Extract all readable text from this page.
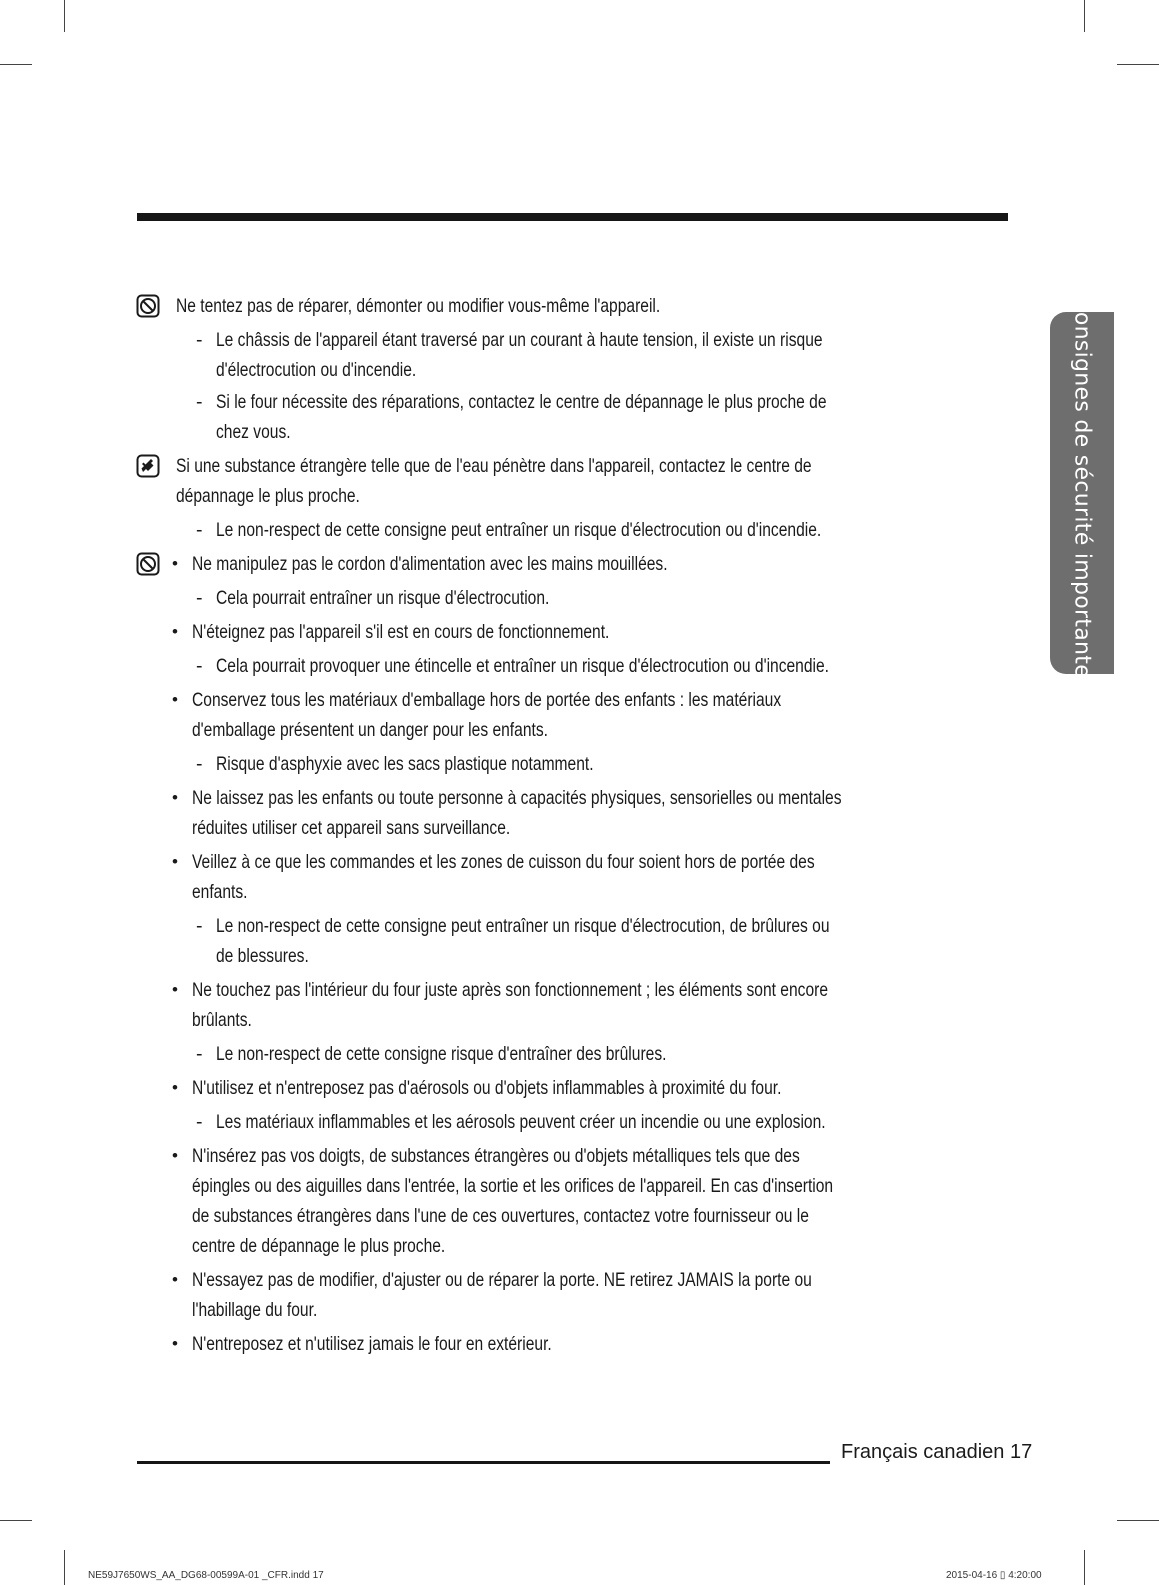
Consignes de sécurité importantes
Ne tentez pas de réparer, démonter ou modifier vous-même l'appareil.
- Le châssis de l'appareil étant traversé par un courant à haute tension, il existe un risque
d'électrocution ou d'incendie.
- Si le four nécessite des réparations, contactez le centre de dépannage le plus proche de
chez vous.
Si une substance étrangère telle que de l'eau pénètre dans l'appareil, contactez le centre de
dépannage le plus proche.
- Le non-respect de cette consigne peut entraîner un risque d'électrocution ou d'incendie.
• Ne manipulez pas le cordon d'alimentation avec les mains mouillées.
- Cela pourrait entraîner un risque d'électrocution.
• N'éteignez pas l'appareil s'il est en cours de fonctionnement.
- Cela pourrait provoquer une étincelle et entraîner un risque d'électrocution ou d'incendie.
• Conservez tous les matériaux d'emballage hors de portée des enfants : les matériaux
d'emballage présentent un danger pour les enfants.
- Risque d'asphyxie avec les sacs plastique notamment.
• Ne laissez pas les enfants ou toute personne à capacités physiques, sensorielles ou mentales
réduites utiliser cet appareil sans surveillance.
• Veillez à ce que les commandes et les zones de cuisson du four soient hors de portée des
enfants.
- Le non-respect de cette consigne peut entraîner un risque d'électrocution, de brûlures ou
de blessures.
• Ne touchez pas l'intérieur du four juste après son fonctionnement ; les éléments sont encore
brûlants.
- Le non-respect de cette consigne risque d'entraîner des brûlures.
• N'utilisez et n'entreposez pas d'aérosols ou d'objets inflammables à proximité du four.
- Les matériaux inflammables et les aérosols peuvent créer un incendie ou une explosion.
• N'insérez pas vos doigts, de substances étrangères ou d'objets métalliques tels que des
épingles ou des aiguilles dans l'entrée, la sortie et les orifices de l'appareil. En cas d'insertion
de substances étrangères dans l'une de ces ouvertures, contactez votre fournisseur ou le
centre de dépannage le plus proche.
• N'essayez pas de modifier, d'ajuster ou de réparer la porte. NE retirez JAMAIS la porte ou
l'habillage du four.
• N'entreposez et n'utilisez jamais le four en extérieur.
Français canadien 17
NE59J7650WS_AA_DG68-00599A-01 _CFR.indd 17	2015-04-16 ▯ 4:20:00
